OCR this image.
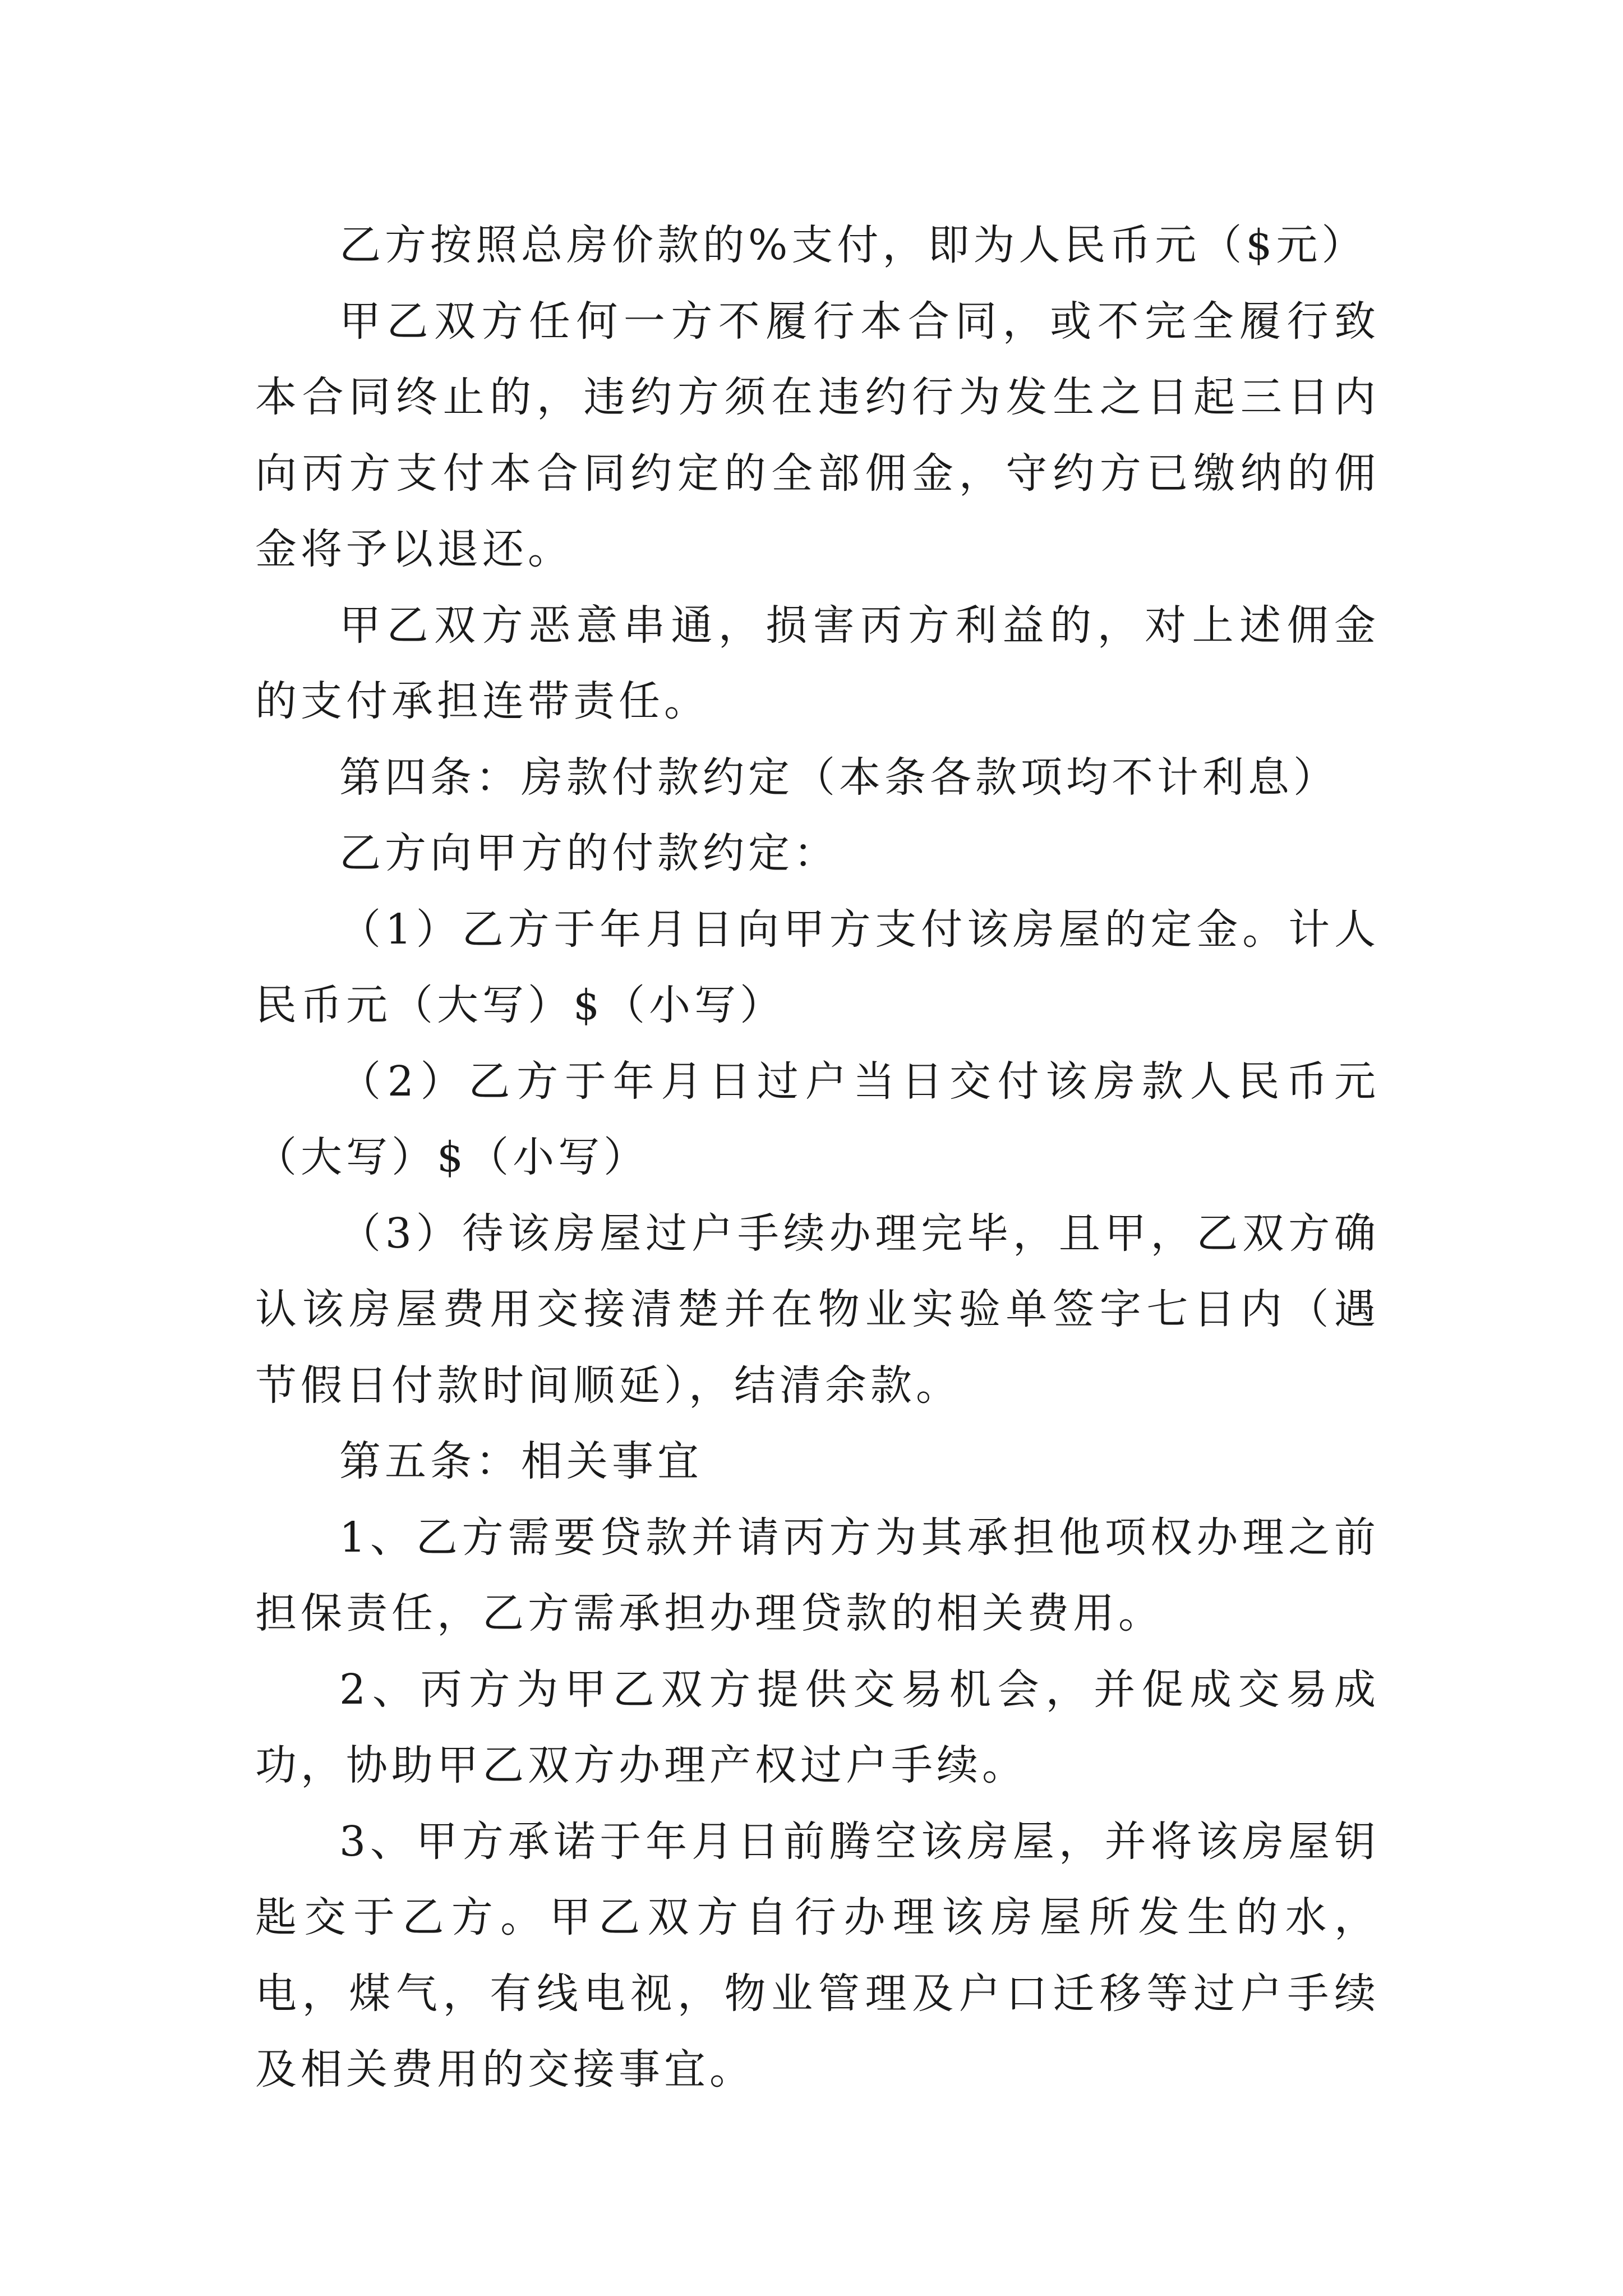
乙方按照总房价款的%支付，即为人民币元（$元）

甲乙双方任何一方不履行本合同，或不完全履行致本合同终止的，违约方须在违约行为发生之日起三日内向丙方支付本合同约定的全部佣金，守约方已缴纳的佣金将予以退还。

甲乙双方恶意串通，损害丙方利益的，对上述佣金的支付承担连带责任。

第四条：房款付款约定（本条各款项均不计利息）

乙方向甲方的付款约定：

（1）乙方于年月日向甲方支付该房屋的定金。计人民币元（大写）$（小写）

（2）乙方于年月日过户当日交付该房款人民币元（大写）$（小写）

（3）待该房屋过户手续办理完毕，且甲，乙双方确认该房屋费用交接清楚并在物业实验单签字七日内（遇节假日付款时间顺延），结清余款。

第五条：相关事宜

1、乙方需要贷款并请丙方为其承担他项权办理之前担保责任，乙方需承担办理贷款的相关费用。

2、丙方为甲乙双方提供交易机会，并促成交易成功，协助甲乙双方办理产权过户手续。

3、甲方承诺于年月日前腾空该房屋，并将该房屋钥匙交于乙方。甲乙双方自行办理该房屋所发生的水，电，煤气，有线电视，物业管理及户口迁移等过户手续及相关费用的交接事宜。
